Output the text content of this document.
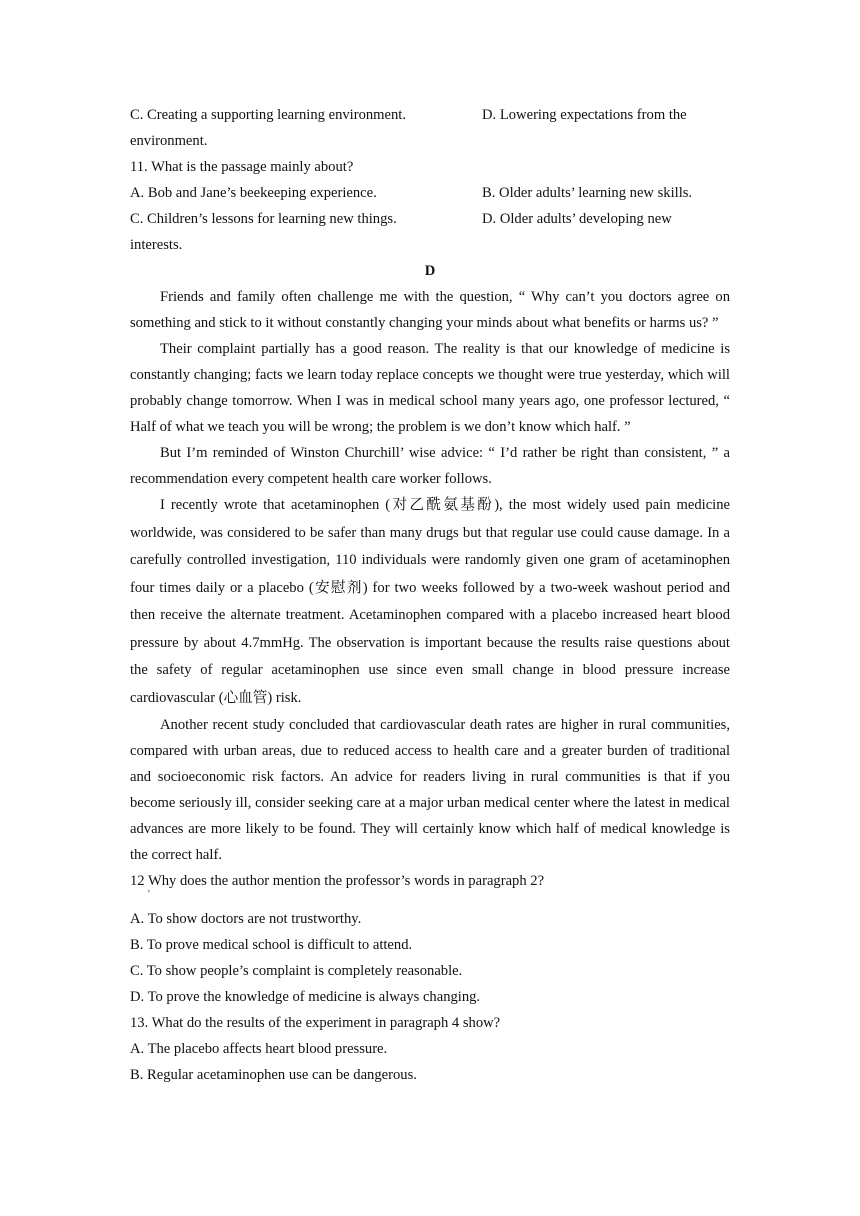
C. Creating a supporting learning environment.	D. Lowering expectations from the
environment.
11. What is the passage mainly about?
A. Bob and Jane’s beekeeping experience.	B. Older adults’ learning new skills.
C. Children’s lessons for learning new things.	D. Older adults’ developing new
interests.
D

Friends and family often challenge me with the question, “ Why can’t you doctors agree on something and stick to it without constantly changing your minds about what benefits or harms us? ”

Their complaint partially has a good reason. The reality is that our knowledge of medicine is constantly changing; facts we learn today replace concepts we thought were true yesterday, which will probably change tomorrow. When I was in medical school many years ago, one professor lectured, “ Half of what we teach you will be wrong; the problem is we don’t know which half. ”

But I’m reminded of Winston Churchill’ wise advice: “ I’d rather be right than consistent, ” a recommendation every competent health care worker follows.

I recently wrote that acetaminophen (对乙酰氨基酚), the most widely used pain medicine worldwide, was considered to be safer than many drugs but that regular use could cause damage. In a carefully controlled investigation, 110 individuals were randomly given one gram of acetaminophen four times daily or a placebo (安慰剂) for two weeks followed by a two-week washout period and then receive the alternate treatment. Acetaminophen compared with a placebo increased heart blood pressure by about 4.7mmHg. The observation is important because the results raise questions about the safety of regular acetaminophen use since even small change in blood pressure increase cardiovascular (心血管) risk.

Another recent study concluded that cardiovascular death rates are higher in rural communities, compared with urban areas, due to reduced access to health care and a greater burden of traditional and socioeconomic risk factors. An advice for readers living in rural communities is that if you become seriously ill, consider seeking care at a major urban medical center where the latest in medical advances are more likely to be found. They will certainly know which half of medical knowledge is the correct half.

12 Why does the author mention the professor’s words in paragraph 2?
'
A. To show doctors are not trustworthy.
B. To prove medical school is difficult to attend.
C. To show people’s complaint is completely reasonable.
D. To prove the knowledge of medicine is always changing.
13. What do the results of the experiment in paragraph 4 show?
A. The placebo affects heart blood pressure.
B. Regular acetaminophen use can be dangerous.
